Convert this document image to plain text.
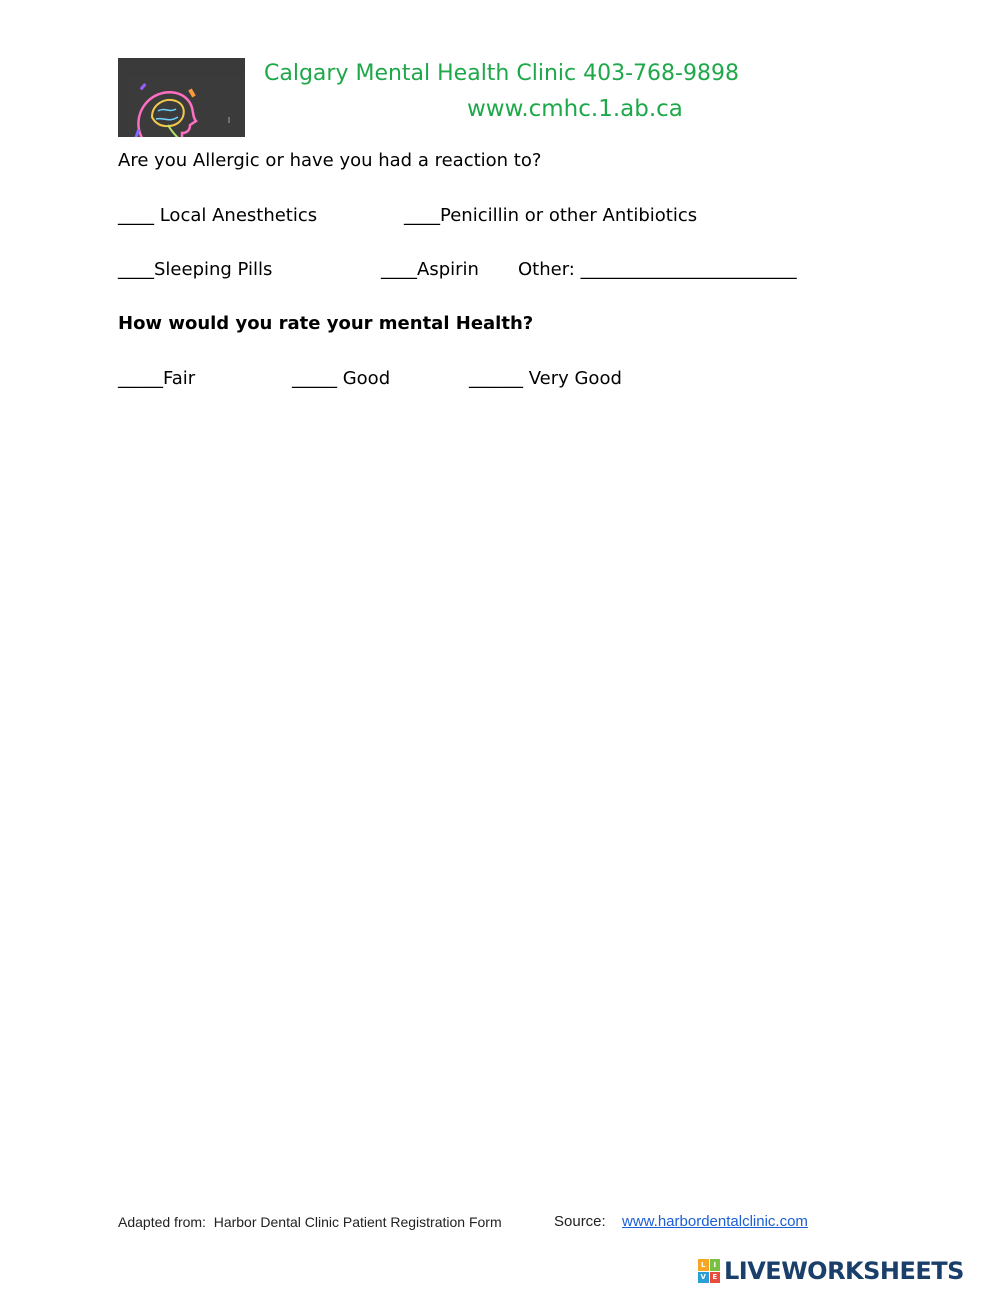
Calgary Mental Health Clinic 403-768-9898
www.cmhc.1.ab.ca
Are you Allergic or have you had a reaction to?
____ Local Anesthetics	____Penicillin or other Antibiotics
____Sleeping Pills	____Aspirin Other: ________________________
How would you rate your mental Health?
_____Fair	_____ Good	______ Very Good
Adapted from:  Harbor Dental Clinic Patient Registration Form	Source: www.harbordentalclinic.com
L	I
V E LIVEWORKSHEETS
